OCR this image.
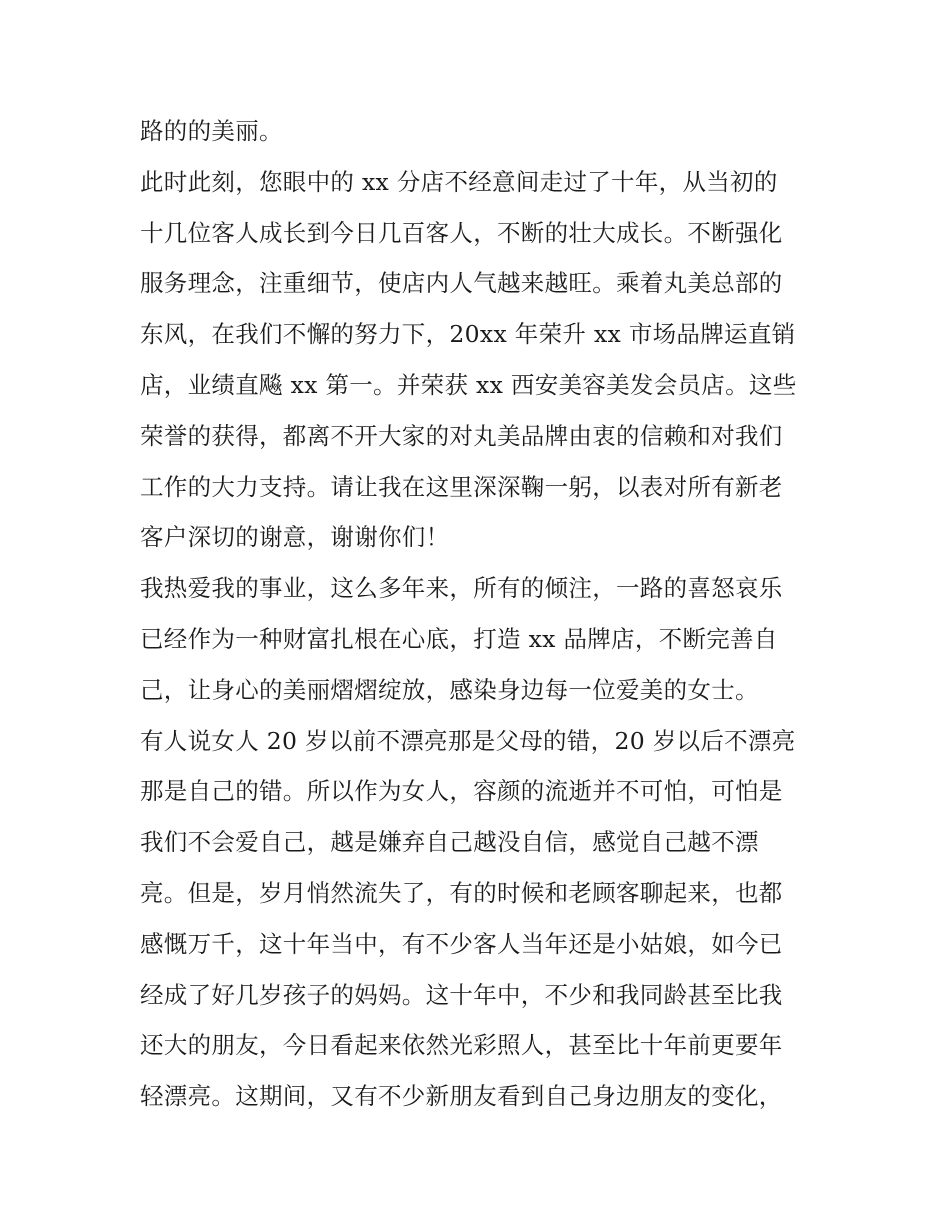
路的的美丽。
此时此刻，您眼中的 xx 分店不经意间走过了十年，从当初的
十几位客人成长到今日几百客人，不断的壮大成长。不断强化
服务理念，注重细节，使店内人气越来越旺。乘着丸美总部的
东风，在我们不懈的努力下，20xx 年荣升 xx 市场品牌运直销
店，业绩直飚 xx 第一。并荣获 xx 西安美容美发会员店。这些
荣誉的获得，都离不开大家的对丸美品牌由衷的信赖和对我们
工作的大力支持。请让我在这里深深鞠一躬，以表对所有新老
客户深切的谢意，谢谢你们！
我热爱我的事业，这么多年来，所有的倾注，一路的喜怒哀乐
已经作为一种财富扎根在心底，打造 xx 品牌店，不断完善自
己，让身心的美丽熠熠绽放，感染身边每一位爱美的女士。
有人说女人 20 岁以前不漂亮那是父母的错，20 岁以后不漂亮
那是自己的错。所以作为女人，容颜的流逝并不可怕，可怕是
我们不会爱自己，越是嫌弃自己越没自信，感觉自己越不漂
亮。但是，岁月悄然流失了，有的时候和老顾客聊起来，也都
感慨万千，这十年当中，有不少客人当年还是小姑娘，如今已
经成了好几岁孩子的妈妈。这十年中，不少和我同龄甚至比我
还大的朋友，今日看起来依然光彩照人，甚至比十年前更要年
轻漂亮。这期间，又有不少新朋友看到自己身边朋友的变化，
